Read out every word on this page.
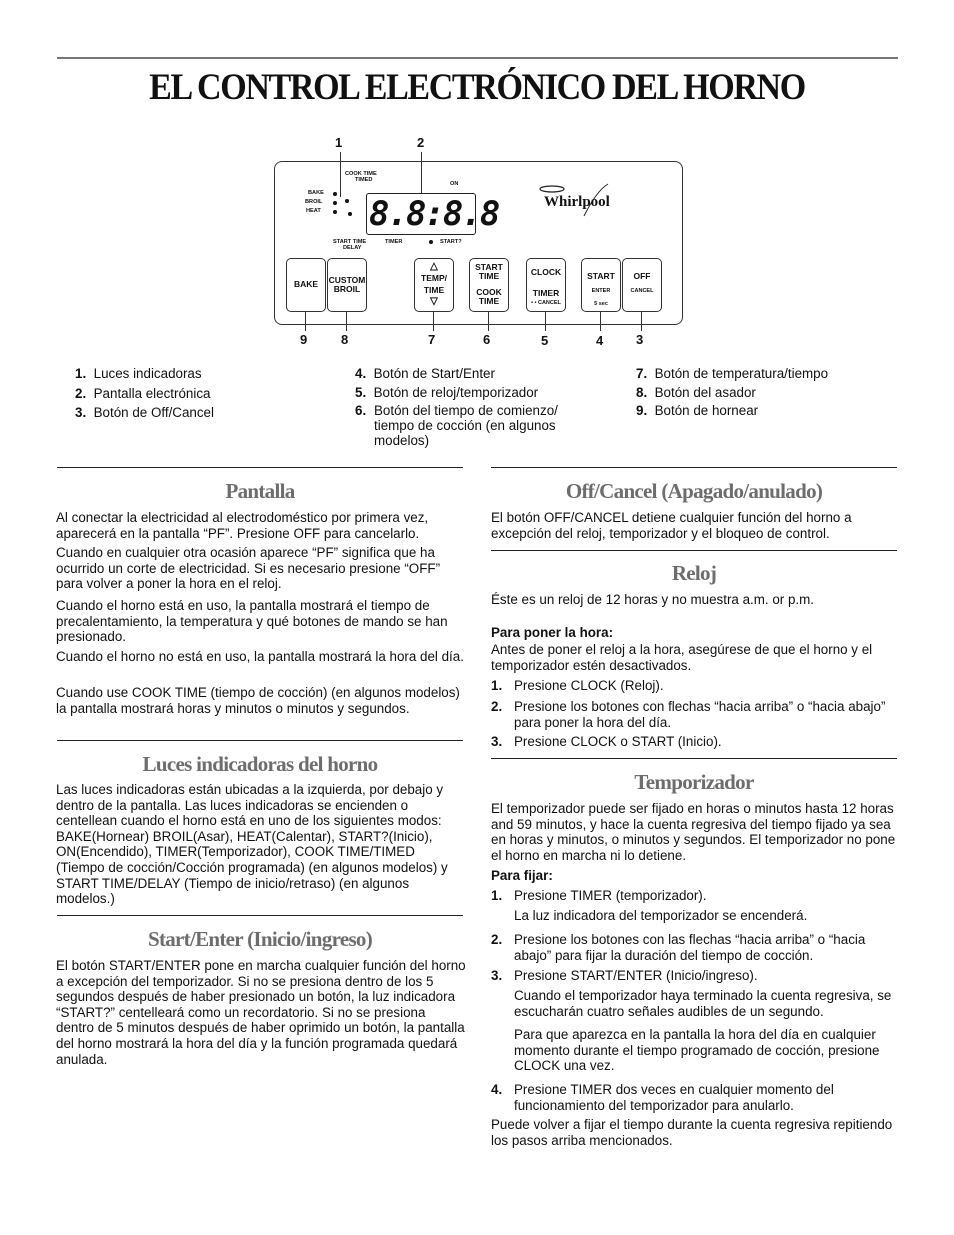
EL CONTROL ELECTRÓNICO DEL HORNO
1	2
BAKE
BROIL
HEAT
COOK TIME
TIMED
START TIME
DELAY
TIMER	START?
ON
8.8:8.8	Whirlpool
BAKE	CUSTOM
BROIL
△
TEMP/
TIME
▽
START
TIME
COOK
TIME
CLOCK
TIMER
• • CANCEL
START
ENTER
5 sec
OFF
CANCEL
9	8	7	6	5	4	3
1. Luces indicadoras
2. Pantalla electrónica
3. Botón de Off/Cancel
4. Botón de Start/Enter
5. Botón de reloj/temporizador
6. Botón del tiempo de comienzo/ tiempo de cocción (en algunos modelos)
7. Botón de temperatura/tiempo
8. Botón del asador
9. Botón de hornear
Pantalla

Al conectar la electricidad al electrodoméstico por primera vez, aparecerá en la pantalla “PF”. Presione OFF para cancelarlo.

Cuando en cualquier otra ocasión aparece “PF” significa que ha ocurrido un corte de electricidad. Si es necesario presione “OFF” para volver a poner la hora en el reloj.

Cuando el horno está en uso, la pantalla mostrará el tiempo de precalentamiento, la temperatura y qué botones de mando se han presionado.

Cuando el horno no está en uso, la pantalla mostrará la hora del día.

Cuando use COOK TIME (tiempo de cocción) (en algunos modelos) la pantalla mostrará horas y minutos o minutos y segundos.

Luces indicadoras del horno

Las luces indicadoras están ubicadas a la izquierda, por debajo y dentro de la pantalla. Las luces indicadoras se encienden o centellean cuando el horno está en uno de los siguientes modos: BAKE(Hornear) BROIL(Asar), HEAT(Calentar), START?(Inicio), ON(Encendido), TIMER(Temporizador), COOK TIME/TIMED (Tiempo de cocción/Cocción programada) (en algunos modelos) y START TIME/DELAY (Tiempo de inicio/retraso) (en algunos modelos.)

Start/Enter (Inicio/ingreso)

El botón START/ENTER pone en marcha cualquier función del horno a excepción del temporizador. Si no se presiona dentro de los 5 segundos después de haber presionado un botón, la luz indicadora “START?” centelleará como un recordatorio. Si no se presiona dentro de 5 minutos después de haber oprimido un botón, la pantalla del horno mostrará la hora del día y la función programada quedará anulada.

Off/Cancel (Apagado/anulado)

El botón OFF/CANCEL detiene cualquier función del horno a excepción del reloj, temporizador y el bloqueo de control.

Reloj

Éste es un reloj de 12 horas y no muestra a.m. or p.m.

Para poner la hora:

Antes de poner el reloj a la hora, asegúrese de que el horno y el temporizador estén desactivados.

1. Presione CLOCK (Reloj).
2. Presione los botones con flechas “hacia arriba” o “hacia abajo” para poner la hora del día.
3. Presione CLOCK o START (Inicio).
Temporizador

El temporizador puede ser fijado en horas o minutos hasta 12 horas and 59 minutos, y hace la cuenta regresiva del tiempo fijado ya sea en horas y minutos, o minutos y segundos. El temporizador no pone el horno en marcha ni lo detiene.

Para fijar:

1. Presione TIMER (temporizador).
La luz indicadora del temporizador se encenderá.
2. Presione los botones con las flechas “hacia arriba” o “hacia abajo” para fijar la duración del tiempo de cocción.
3. Presione START/ENTER (Inicio/ingreso).
Cuando el temporizador haya terminado la cuenta regresiva, se escucharán cuatro señales audibles de un segundo.
Para que aparezca en la pantalla la hora del día en cualquier momento durante el tiempo programado de cocción, presione CLOCK una vez.
4. Presione TIMER dos veces en cualquier momento del funcionamiento del temporizador para anularlo.

Puede volver a fijar el tiempo durante la cuenta regresiva repitiendo los pasos arriba mencionados.
